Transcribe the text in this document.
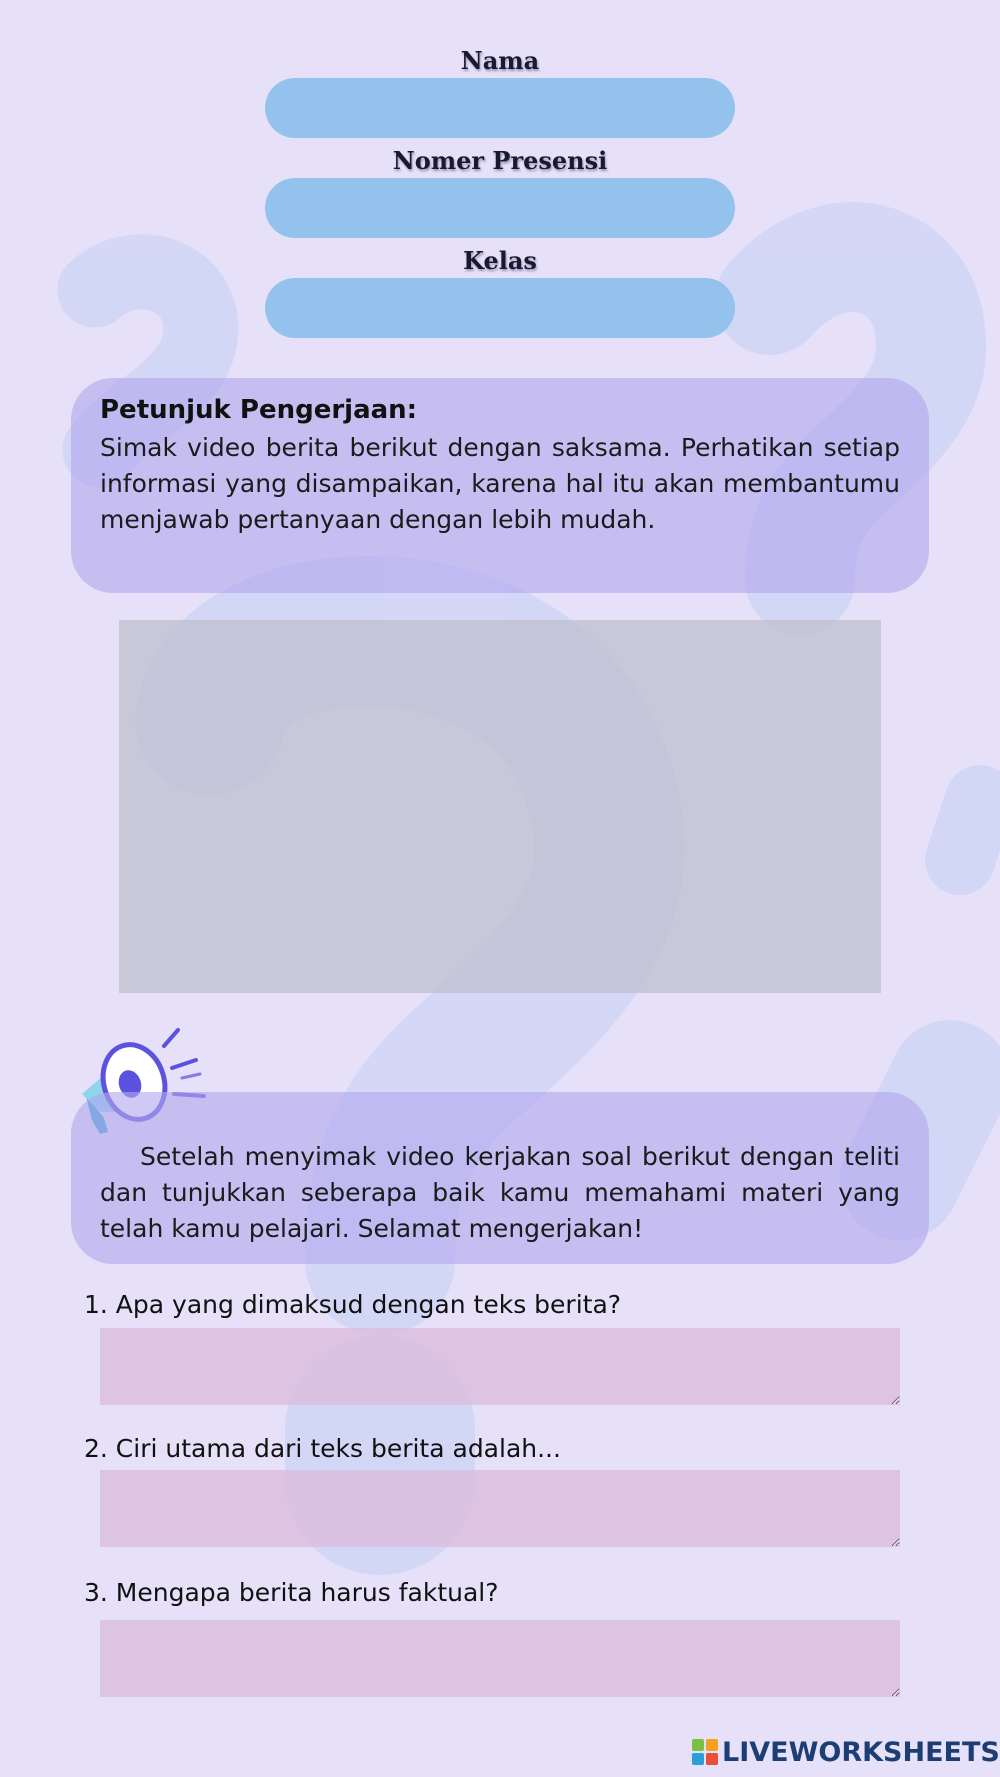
Nama
Nomer Presensi
Kelas
Petunjuk Pengerjaan:
Simak video berita berikut dengan saksama. Perhatikan setiap informasi yang disampaikan, karena hal itu akan membantumu menjawab pertanyaan dengan lebih mudah.
Setelah menyimak video kerjakan soal berikut dengan teliti dan tunjukkan seberapa baik kamu memahami materi yang telah kamu pelajari. Selamat mengerjakan!
1. Apa yang dimaksud dengan teks berita?
2. Ciri utama dari teks berita adalah...
3. Mengapa berita harus faktual?
LIVEWORKSHEETS
